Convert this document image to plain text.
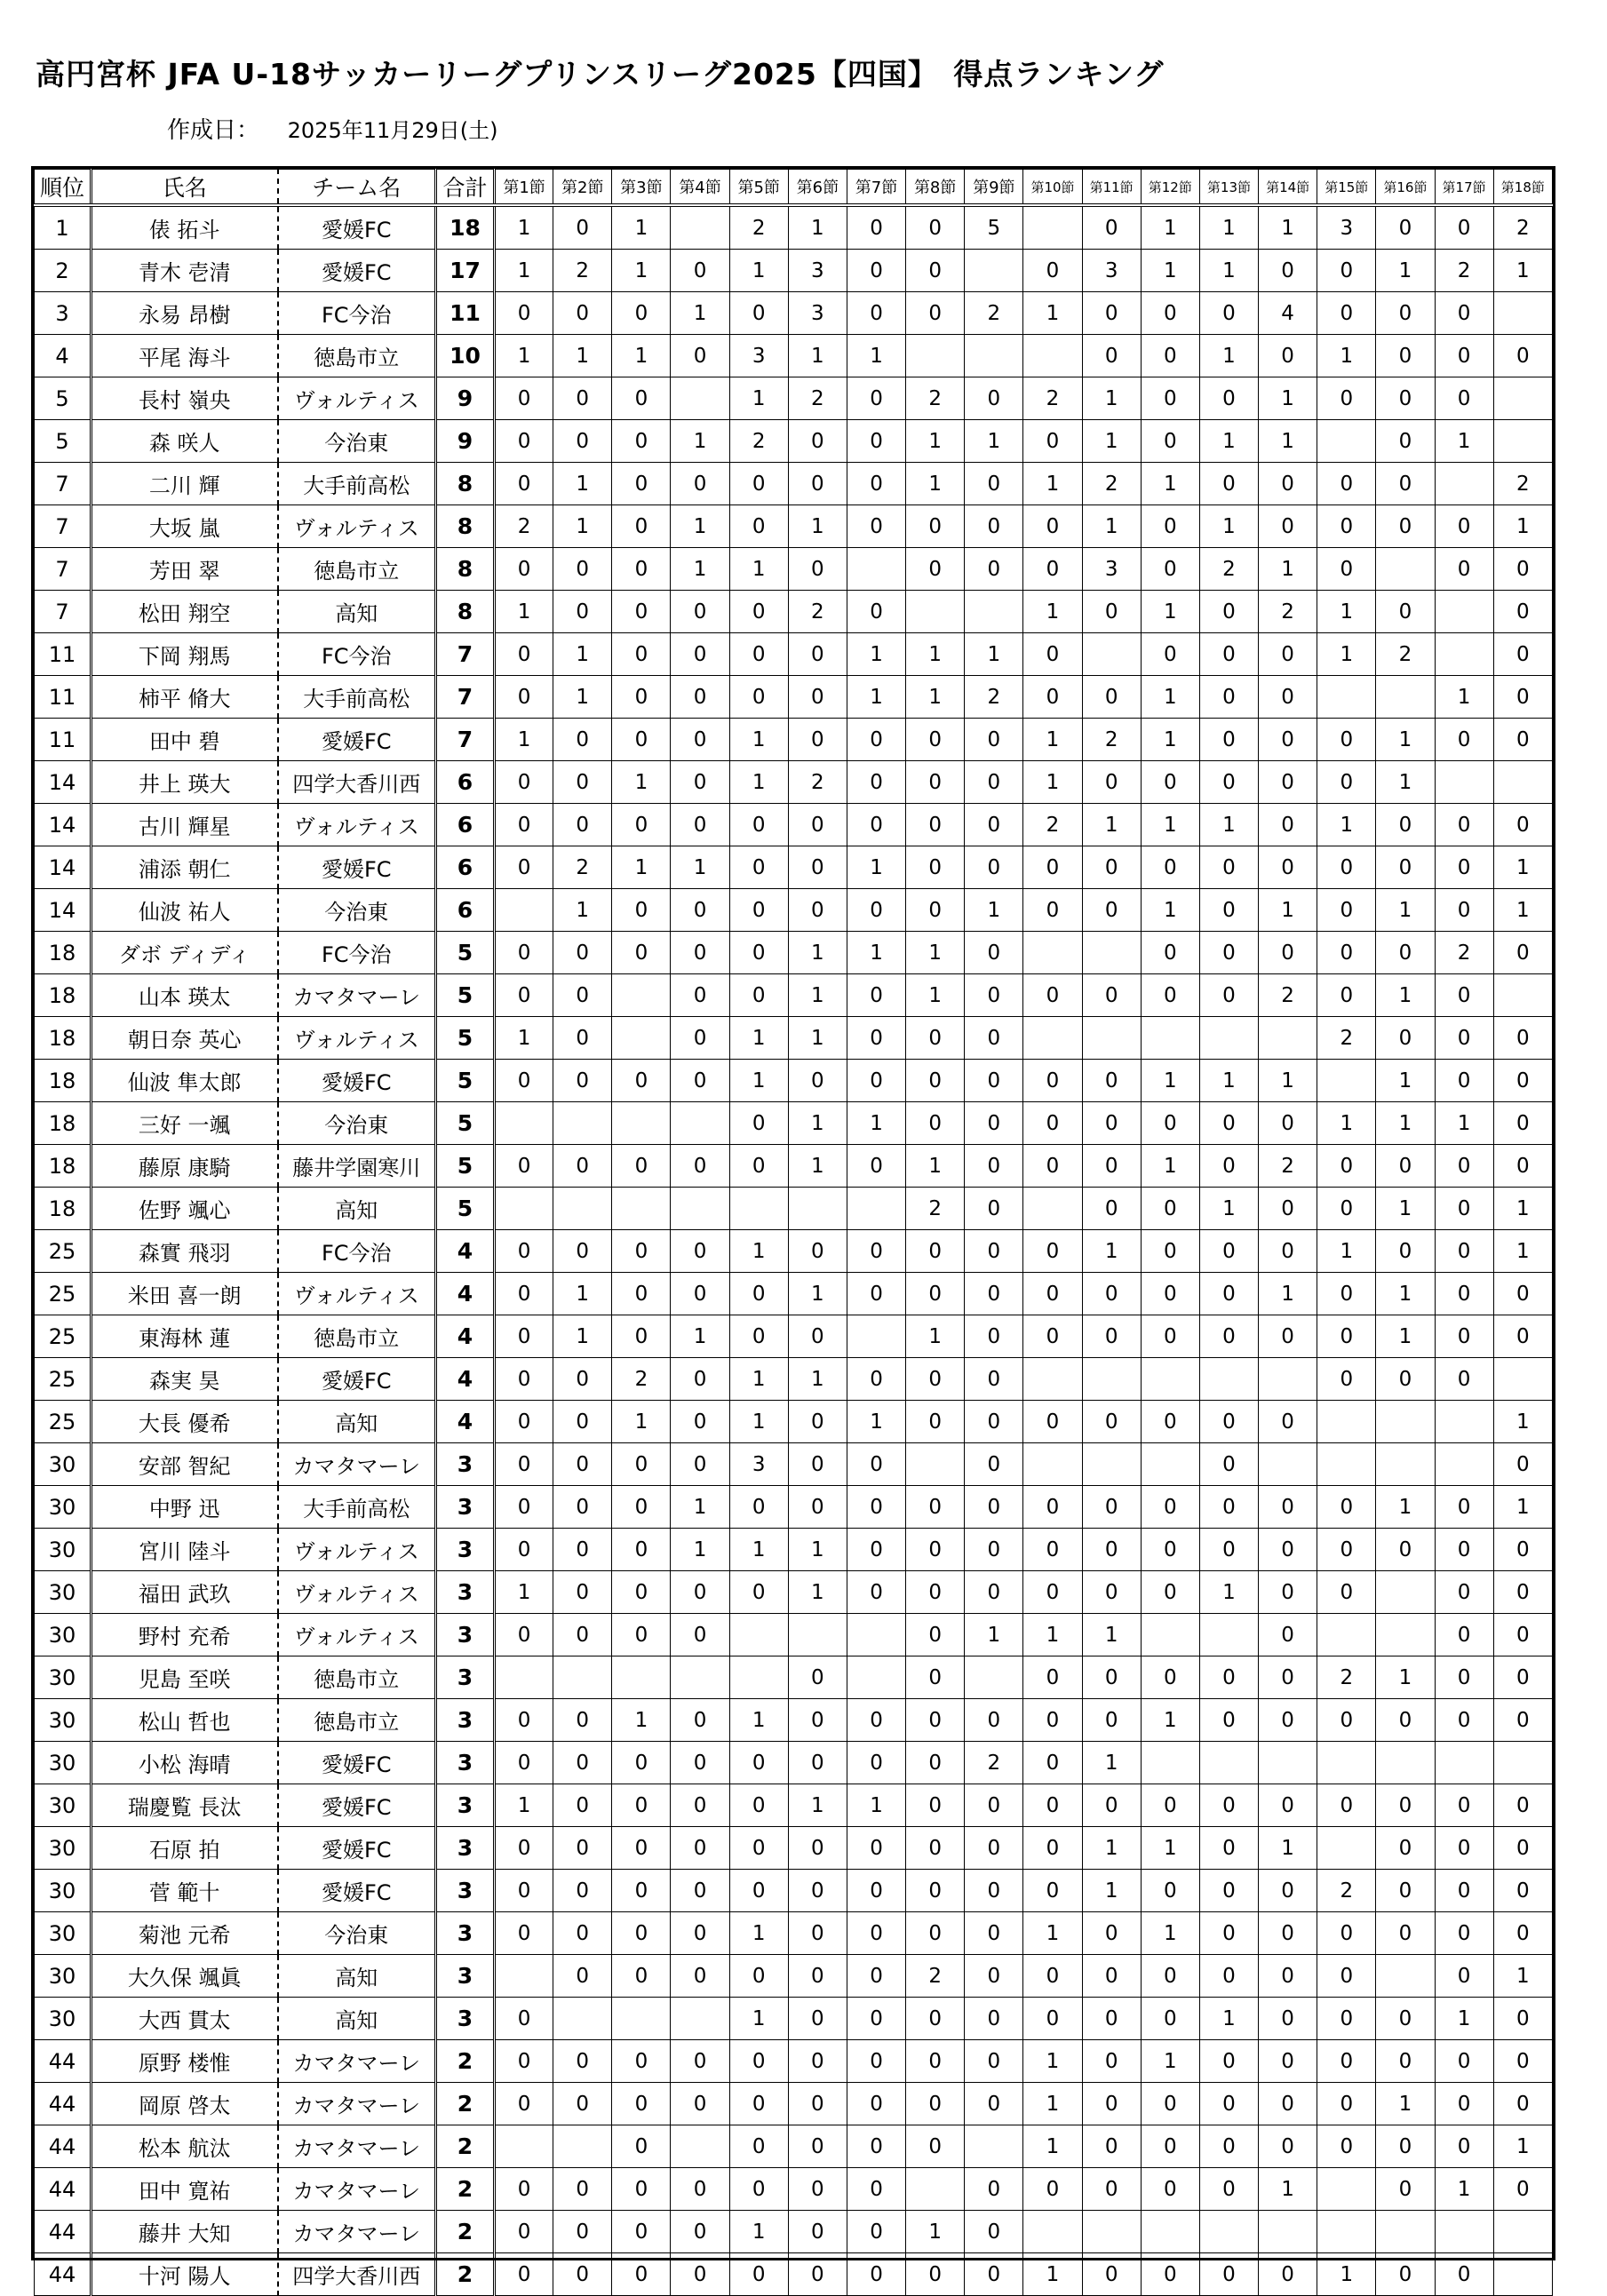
高円宮杯 JFA U-18サッカーリーグプリンスリーグ2025【四国】　得点ランキング
作成日： 2025年11月29日(土)
順位	氏名	チーム名	合計	第1節	第2節	第3節	第4節	第5節	第6節	第7節	第8節	第9節	第10節	第11節	第12節	第13節	第14節	第15節	第16節	第17節	第18節
1	俵 拓斗	愛媛FC	18	1	0	1		2	1	0	0	5		0	1	1	1	3	0	0	2
2	青木 壱清	愛媛FC	17	1	2	1	0	1	3	0	0		0	3	1	1	0	0	1	2	1
3	永易 昂樹	FC今治	11	0	0	0	1	0	3	0	0	2	1	0	0	0	4	0	0	0	
4	平尾 海斗	徳島市立	10	1	1	1	0	3	1	1				0	0	1	0	1	0	0	0
5	長村 嶺央	ヴォルティス	9	0	0	0		1	2	0	2	0	2	1	0	0	1	0	0	0	
5	森 咲人	今治東	9	0	0	0	1	2	0	0	1	1	0	1	0	1	1		0	1	
7	二川 輝	大手前高松	8	0	1	0	0	0	0	0	1	0	1	2	1	0	0	0	0		2
7	大坂 嵐	ヴォルティス	8	2	1	0	1	0	1	0	0	0	0	1	0	1	0	0	0	0	1
7	芳田 翠	徳島市立	8	0	0	0	1	1	0		0	0	0	3	0	2	1	0		0	0
7	松田 翔空	高知	8	1	0	0	0	0	2	0			1	0	1	0	2	1	0		0
11	下岡 翔馬	FC今治	7	0	1	0	0	0	0	1	1	1	0		0	0	0	1	2		0
11	柿平 脩大	大手前高松	7	0	1	0	0	0	0	1	1	2	0	0	1	0	0			1	0
11	田中 碧	愛媛FC	7	1	0	0	0	1	0	0	0	0	1	2	1	0	0	0	1	0	0
14	井上 瑛大	四学大香川西	6	0	0	1	0	1	2	0	0	0	1	0	0	0	0	0	1		
14	古川 輝星	ヴォルティス	6	0	0	0	0	0	0	0	0	0	2	1	1	1	0	1	0	0	0
14	浦添 朝仁	愛媛FC	6	0	2	1	1	0	0	1	0	0	0	0	0	0	0	0	0	0	1
14	仙波 祐人	今治東	6		1	0	0	0	0	0	0	1	0	0	1	0	1	0	1	0	1
18	ダボ ディディ	FC今治	5	0	0	0	0	0	1	1	1	0			0	0	0	0	0	2	0
18	山本 瑛太	カマタマーレ	5	0	0		0	0	1	0	1	0	0	0	0	0	2	0	1	0	
18	朝日奈 英心	ヴォルティス	5	1	0		0	1	1	0	0	0						2	0	0	0
18	仙波 隼太郎	愛媛FC	5	0	0	0	0	1	0	0	0	0	0	0	1	1	1		1	0	0
18	三好 一颯	今治東	5					0	1	1	0	0	0	0	0	0	0	1	1	1	0
18	藤原 康騎	藤井学園寒川	5	0	0	0	0	0	1	0	1	0	0	0	1	0	2	0	0	0	0
18	佐野 颯心	高知	5								2	0		0	0	1	0	0	1	0	1
25	森實 飛羽	FC今治	4	0	0	0	0	1	0	0	0	0	0	1	0	0	0	1	0	0	1
25	米田 喜一朗	ヴォルティス	4	0	1	0	0	0	1	0	0	0	0	0	0	0	1	0	1	0	0
25	東海林 蓮	徳島市立	4	0	1	0	1	0	0		1	0	0	0	0	0	0	0	1	0	0
25	森実 昊	愛媛FC	4	0	0	2	0	1	1	0	0	0						0	0	0	
25	大長 優希	高知	4	0	0	1	0	1	0	1	0	0	0	0	0	0	0				1
30	安部 智紀	カマタマーレ	3	0	0	0	0	3	0	0		0				0					0
30	中野 迅	大手前高松	3	0	0	0	1	0	0	0	0	0	0	0	0	0	0	0	1	0	1
30	宮川 陸斗	ヴォルティス	3	0	0	0	1	1	1	0	0	0	0	0	0	0	0	0	0	0	0
30	福田 武玖	ヴォルティス	3	1	0	0	0	0	1	0	0	0	0	0	0	1	0	0		0	0
30	野村 充希	ヴォルティス	3	0	0	0	0				0	1	1	1			0			0	0
30	児島 至咲	徳島市立	3						0		0		0	0	0	0	0	2	1	0	0
30	松山 哲也	徳島市立	3	0	0	1	0	1	0	0	0	0	0	0	1	0	0	0	0	0	0
30	小松 海晴	愛媛FC	3	0	0	0	0	0	0	0	0	2	0	1							
30	瑞慶覧 長汰	愛媛FC	3	1	0	0	0	0	1	1	0	0	0	0	0	0	0	0	0	0	0
30	石原 拍	愛媛FC	3	0	0	0	0	0	0	0	0	0	0	1	1	0	1		0	0	0
30	菅 範十	愛媛FC	3	0	0	0	0	0	0	0	0	0	0	1	0	0	0	2	0	0	0
30	菊池 元希	今治東	3	0	0	0	0	1	0	0	0	0	1	0	1	0	0	0	0	0	0
30	大久保 颯眞	高知	3		0	0	0	0	0	0	2	0	0	0	0	0	0	0		0	1
30	大西 貫太	高知	3	0				1	0	0	0	0	0	0	0	1	0	0	0	1	0
44	原野 楼惟	カマタマーレ	2	0	0	0	0	0	0	0	0	0	1	0	1	0	0	0	0	0	0
44	岡原 啓太	カマタマーレ	2	0	0	0	0	0	0	0	0	0	1	0	0	0	0	0	1	0	0
44	松本 航汰	カマタマーレ	2			0		0	0	0	0		1	0	0	0	0	0	0	0	1
44	田中 寛祐	カマタマーレ	2	0	0	0	0	0	0	0		0	0	0	0	0	1		0	1	0
44	藤井 大知	カマタマーレ	2	0	0	0	0	1	0	0	1	0									
44	十河 陽人	四学大香川西	2	0	0	0	0	0	0	0	0	0	1	0	0	0	0	1	0	0	
